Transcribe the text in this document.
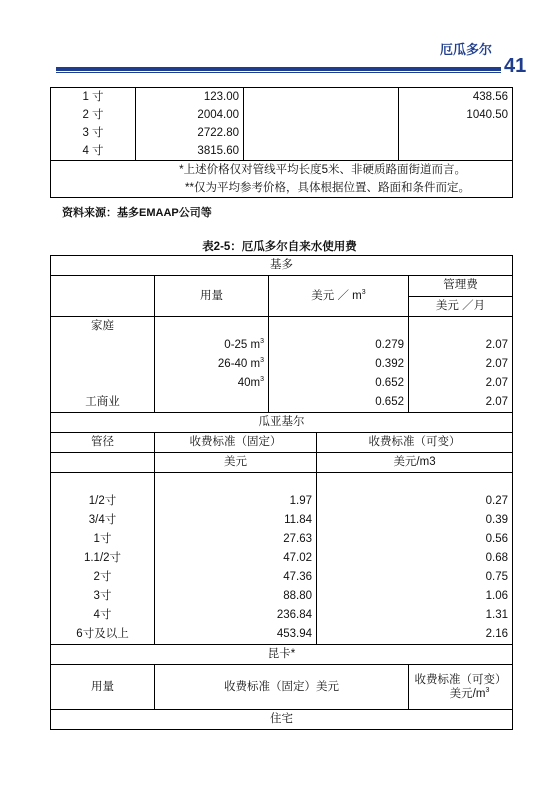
厄瓜多尔
41
1 寸	123.00		438.56
2 寸	2004.00		1040.50
3 寸	2722.80		
4 寸	3815.60		
*上述价格仅对管线平均长度5米、非硬质路面街道而言。			
**仅为平均参考价格，具体根据位置、路面和条件而定。			
资料来源：基多EMAAP公司等
表2-5：厄瓜多尔自来水使用费
基多				
	用量	美元 ／ $m^3$		管理费
				美元 ／月
家庭				
	0-25 $m^3$	0.279		2.07
	26-40 $m^3$	0.392		2.07
	$40m^3$	0.652		2.07
工商业		0.652		2.07
瓜亚基尔				
管径	收费标准（固定）		收费标准（可变）	
	美元		美元/m3	

1/2寸	1.97		0.27	
3/4寸	11.84		0.39	
1寸	27.63		0.56	
1.1/2寸	47.02		0.68	
2寸	47.36		0.75	
3寸	88.80		1.06	
4寸	236.84		1.31	
6寸及以上	453.94		2.16	
昆卡*				
用量	收费标准（固定）美元			收费标准（可变）
美元$/m^3$
住宅				
